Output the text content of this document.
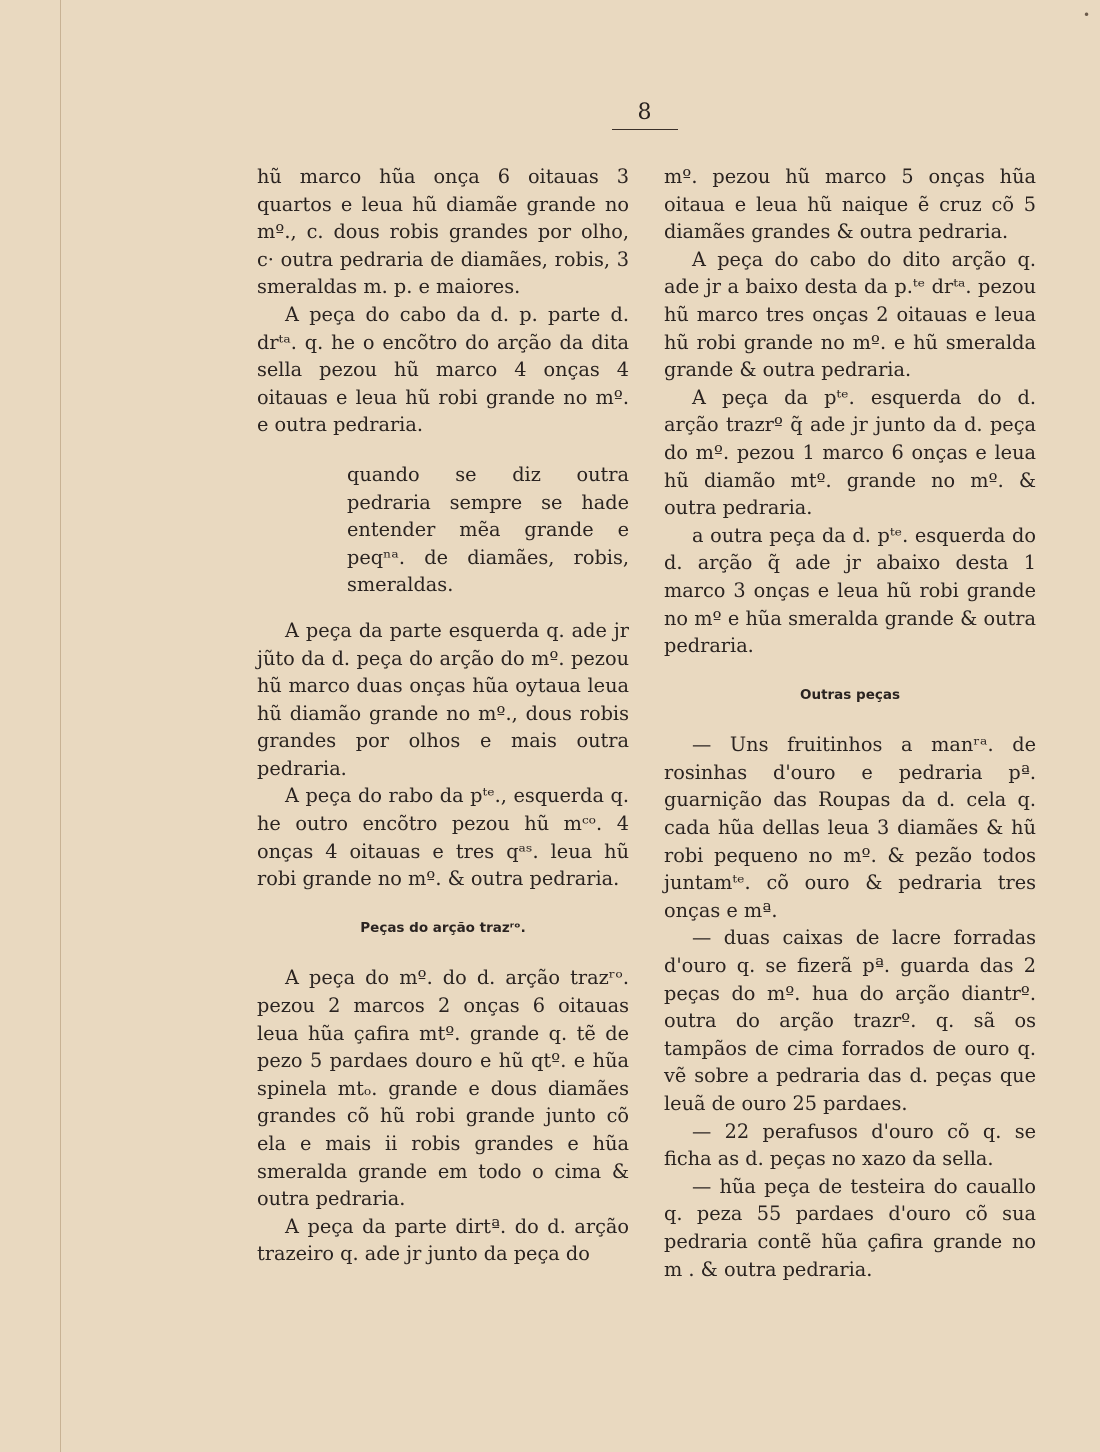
•
8

hũ marco hũa onça 6 oitauas 3 quartos e leua hũ diamãe grande no mº., c. dous robis grandes por olho, c· outra pedraria de diamães, robis, 3 smeraldas m. p. e maiores.

A peça do cabo da d. p. parte d. drᵗᵃ. q. he o encõtro do arção da dita sella pezou hũ marco 4 onças 4 oitauas e leua hũ robi grande no mº. e outra pedraria.

quando se diz outra pedraria sempre se hade entender mẽa grande e peqⁿᵃ. de diamães, robis, smeraldas.

A peça da parte esquerda q. ade jr jũto da d. peça do arção do mº. pezou hũ marco duas onças hũa oytaua leua hũ diamão grande no mº., dous robis grandes por olhos e mais outra pedraria.

A peça do rabo da pᵗᵉ., esquerda q. he outro encõtro pezou hũ mᶜᵒ. 4 onças 4 oitauas e tres qᵃˢ. leua hũ robi grande no mº. & outra pedraria.

Peças do arção trazʳᵒ.

A peça do mº. do d. arção trazʳᵒ. pezou 2 marcos 2 onças 6 oitauas leua hũa çafira mtº. grande q. tẽ de pezo 5 pardaes douro e hũ qtº. e hũa spinela mtₒ. grande e dous diamães grandes cõ hũ robi grande junto cõ ela e mais ii robis grandes e hũa smeralda grande em todo o cima & outra pedraria.

A peça da parte dirtª. do d. arção trazeiro q. ade jr junto da peça do

mº. pezou hũ marco 5 onças hũa oitaua e leua hũ naique ẽ cruz cõ 5 diamães grandes & outra pedraria.

A peça do cabo do dito arção q. ade jr a baixo desta da p.ᵗᵉ drᵗᵃ. pezou hũ marco tres onças 2 oitauas e leua hũ robi grande no mº. e hũ smeralda grande & outra pedraria.

A peça da pᵗᵉ. esquerda do d. arção trazrº q̃ ade jr junto da d. peça do mº. pezou 1 marco 6 onças e leua hũ diamão mtº. grande no mº. & outra pedraria.

a outra peça da d. pᵗᵉ. esquerda do d. arção q̃ ade jr abaixo desta 1 marco 3 onças e leua hũ robi grande no mº e hũa smeralda grande & outra pedraria.

Outras peças

— Uns fruitinhos a manʳᵃ. de rosinhas d'ouro e pedraria pª. guarnição das Roupas da d. cela q. cada hũa dellas leua 3 diamães & hũ robi pequeno no mº. & pezão todos juntamᵗᵉ. cõ ouro & pedraria tres onças e mª.

— duas caixas de lacre forradas d'ouro q. se fizerã pª. guarda das 2 peças do mº. hua do arção diantrº. outra do arção trazrº. q. sã os tampãos de cima forrados de ouro q. vẽ sobre a pedraria das d. peças que leuã de ouro 25 pardaes.

— 22 perafusos d'ouro cõ q. se ficha as d. peças no xazo da sella.

— hũa peça de testeira do cauallo q. peza 55 pardaes d'ouro cõ sua pedraria contẽ hũa çafira grande no m . & outra pedraria.
